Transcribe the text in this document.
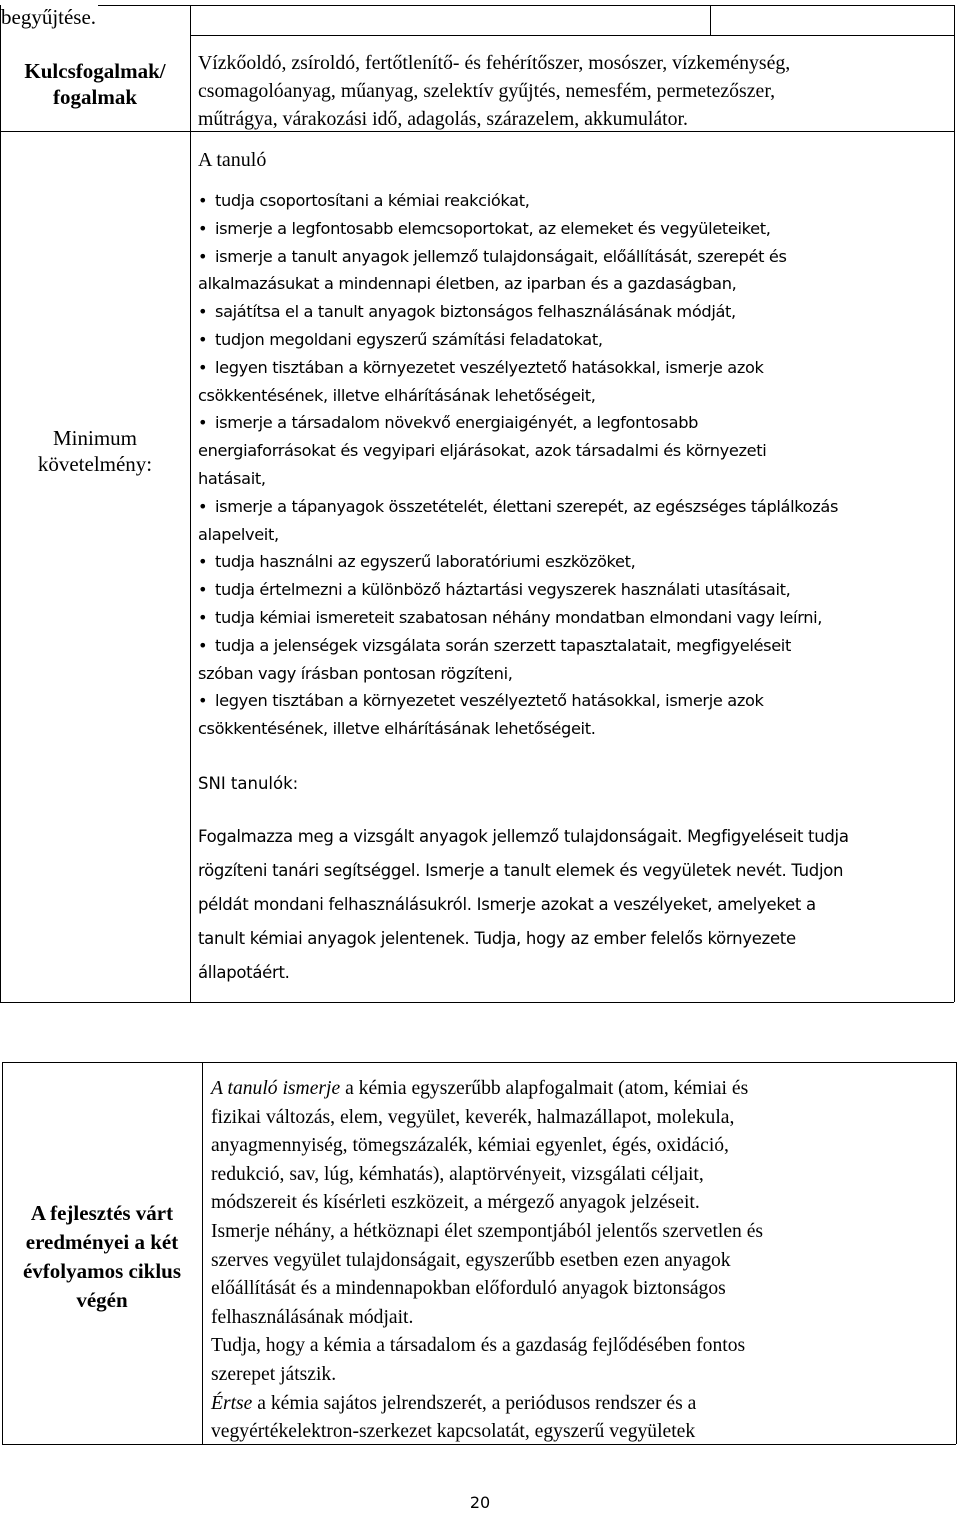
begyűjtése.
Kulcsfogalmak/
fogalmak
Vízkőoldó, zsíroldó, fertőtlenítő- és fehérítőszer, mosószer, vízkeménység,
csomagolóanyag, műanyag, szelektív gyűjtés, nemesfém, permetezőszer,
műtrágya, várakozási idő, adagolás, szárazelem, akkumulátor.
Minimum
követelmény:
A tanuló
• tudja csoportosítani a kémiai reakciókat,
• ismerje a legfontosabb elemcsoportokat, az elemeket és vegyületeiket,
• ismerje a tanult anyagok jellemző tulajdonságait, előállítását, szerepét és
alkalmazásukat a mindennapi életben, az iparban és a gazdaságban,
• sajátítsa el a tanult anyagok biztonságos felhasználásának módját,
• tudjon megoldani egyszerű számítási feladatokat,
• legyen tisztában a környezetet veszélyeztető hatásokkal, ismerje azok
csökkentésének, illetve elhárításának lehetőségeit,
• ismerje a társadalom növekvő energiaigényét, a legfontosabb
energiaforrásokat és vegyipari eljárásokat, azok társadalmi és környezeti
hatásait,
• ismerje a tápanyagok összetételét, élettani szerepét, az egészséges táplálkozás
alapelveit,
• tudja használni az egyszerű laboratóriumi eszközöket,
• tudja értelmezni a különböző háztartási vegyszerek használati utasításait,
• tudja kémiai ismereteit szabatosan néhány mondatban elmondani vagy leírni,
• tudja a jelenségek vizsgálata során szerzett tapasztalatait, megfigyeléseit
szóban vagy írásban pontosan rögzíteni,
• legyen tisztában a környezetet veszélyeztető hatásokkal, ismerje azok
csökkentésének, illetve elhárításának lehetőségeit.
SNI tanulók:
Fogalmazza meg a vizsgált anyagok jellemző tulajdonságait. Megfigyeléseit tudja
rögzíteni tanári segítséggel. Ismerje a tanult elemek és vegyületek nevét. Tudjon
példát mondani felhasználásukról. Ismerje azokat a veszélyeket, amelyeket a
tanult kémiai anyagok jelentenek. Tudja, hogy az ember felelős környezete
állapotáért.
A fejlesztés várt
eredményei a két
évfolyamos ciklus
végén
A tanuló ismerje a kémia egyszerűbb alapfogalmait (atom, kémiai és
fizikai változás, elem, vegyület, keverék, halmazállapot, molekula,
anyagmennyiség, tömegszázalék, kémiai egyenlet, égés, oxidáció,
redukció, sav, lúg, kémhatás), alaptörvényeit, vizsgálati céljait,
módszereit és kísérleti eszközeit, a mérgező anyagok jelzéseit.
Ismerje néhány, a hétköznapi élet szempontjából jelentős szervetlen és
szerves vegyület tulajdonságait, egyszerűbb esetben ezen anyagok
előállítását és a mindennapokban előforduló anyagok biztonságos
felhasználásának módjait.
Tudja, hogy a kémia a társadalom és a gazdaság fejlődésében fontos
szerepet játszik.
Értse a kémia sajátos jelrendszerét, a periódusos rendszer és a
vegyértékelektron-szerkezet kapcsolatát, egyszerű vegyületek
20
